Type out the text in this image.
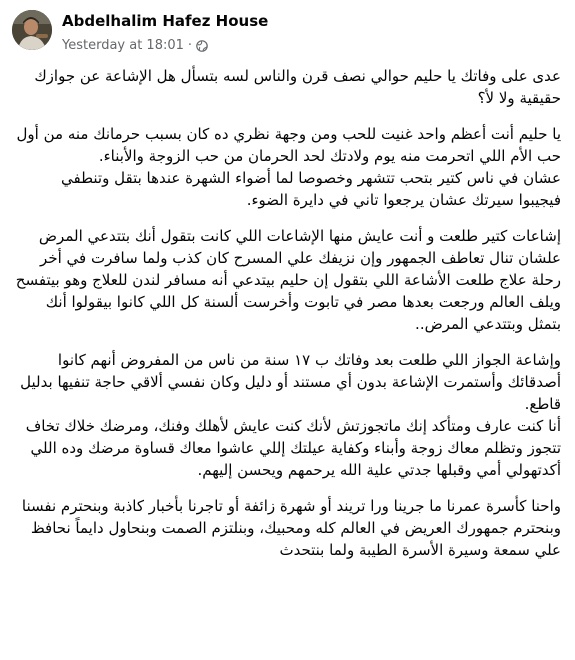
Abdelhalim Hafez House
Yesterday at 18:01 ·

عدى على وفاتك يا حليم حوالي نصف قرن والناس لسه بتسأل هل الإشاعة عن جوازك حقيقية ولا لأ؟

يا حليم أنت أعظم واحد غنيت للحب ومن وجهة نظري ده كان بسبب حرمانك منه من أول حب الأم اللي اتحرمت منه يوم ولادتك لحد الحرمان من حب الزوجة والأبناء.
عشان في ناس كتير بتحب تتشهر وخصوصا لما أضواء الشهرة عندها بتقل وتنطفي فيجيبوا سيرتك عشان يرجعوا تاني في دايرة الضوء.

إشاعات كتير طلعت و أنت عايش منها الإشاعات اللي كانت بتقول أنك بتتدعي المرض علشان تنال تعاطف الجمهور وإن نزيفك علي المسرح كان كذب ولما سافرت في أخر رحلة علاج طلعت الأشاعة اللي بتقول إن حليم بيتدعي أنه مسافر لندن للعلاج وهو بيتفسح ويلف العالم ورجعت بعدها مصر في تابوت وأخرست ألسنة كل اللي كانوا بيقولوا أنك بتمثل وبتتدعي المرض..

وإشاعة الجواز اللي طلعت بعد وفاتك ب ١٧ سنة من ناس من المفروض أنهم كانوا أصدقائك وأستمرت الإشاعة بدون أي مستند أو دليل وكان نفسي ألاقي حاجة تنفيها بدليل قاطع.
أنا كنت عارف ومتأكد إنك ماتجوزتش لأنك كنت عايش لأهلك وفنك، ومرضك خلاك تخاف تتجوز وتظلم معاك زوجة وأبناء وكفاية عيلتك إللي عاشوا معاك قساوة مرضك وده اللي أكدتهولي أمي وقبلها جدتي علية الله يرحمهم ويحسن إليهم.

واحنا كأسرة عمرنا ما جرينا ورا تريند أو شهرة زائفة أو تاجرنا بأخبار كاذبة وبنحترم نفسنا وبنحترم جمهورك العريض في العالم كله ومحبيك، وبنلتزم الصمت وبنحاول دايماً نحافظ علي سمعة وسيرة الأسرة الطيبة ولما بنتحدث
